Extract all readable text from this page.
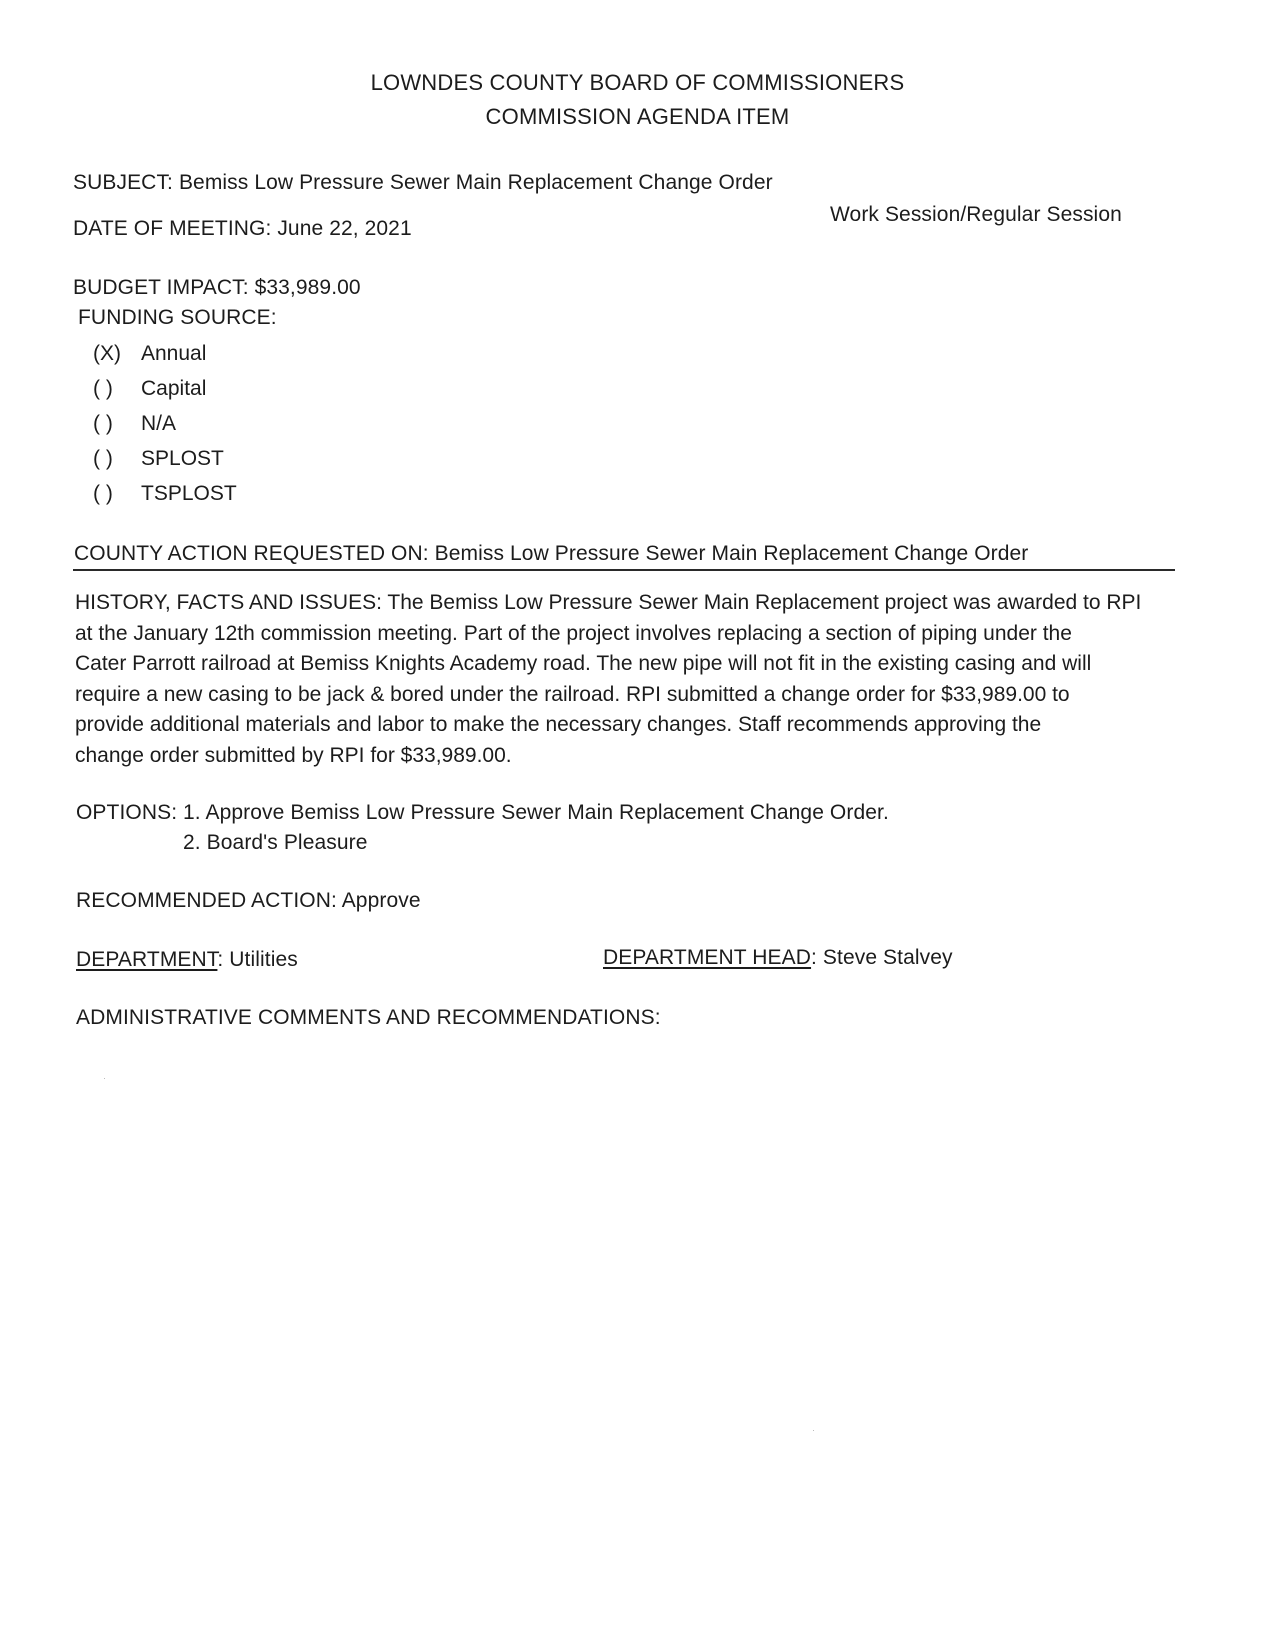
LOWNDES COUNTY BOARD OF COMMISSIONERS
COMMISSION AGENDA ITEM
SUBJECT: Bemiss Low Pressure Sewer Main Replacement Change Order
Work Session/Regular Session
DATE OF MEETING: June 22, 2021
BUDGET IMPACT: $33,989.00
FUNDING SOURCE:
(X) Annual
( ) Capital
( ) N/A
( ) SPLOST
( ) TSPLOST
COUNTY ACTION REQUESTED ON: Bemiss Low Pressure Sewer Main Replacement Change Order
HISTORY, FACTS AND ISSUES: The Bemiss Low Pressure Sewer Main Replacement project was awarded to RPI
at the January 12th commission meeting. Part of the project involves replacing a section of piping under the
Cater Parrott railroad at Bemiss Knights Academy road. The new pipe will not fit in the existing casing and will
require a new casing to be jack & bored under the railroad. RPI submitted a change order for $33,989.00 to
provide additional materials and labor to make the necessary changes. Staff recommends approving the
change order submitted by RPI for $33,989.00.
OPTIONS: 1. Approve Bemiss Low Pressure Sewer Main Replacement Change Order.
2. Board's Pleasure
RECOMMENDED ACTION: Approve
DEPARTMENT: Utilities	DEPARTMENT HEAD: Steve Stalvey
ADMINISTRATIVE COMMENTS AND RECOMMENDATIONS:
